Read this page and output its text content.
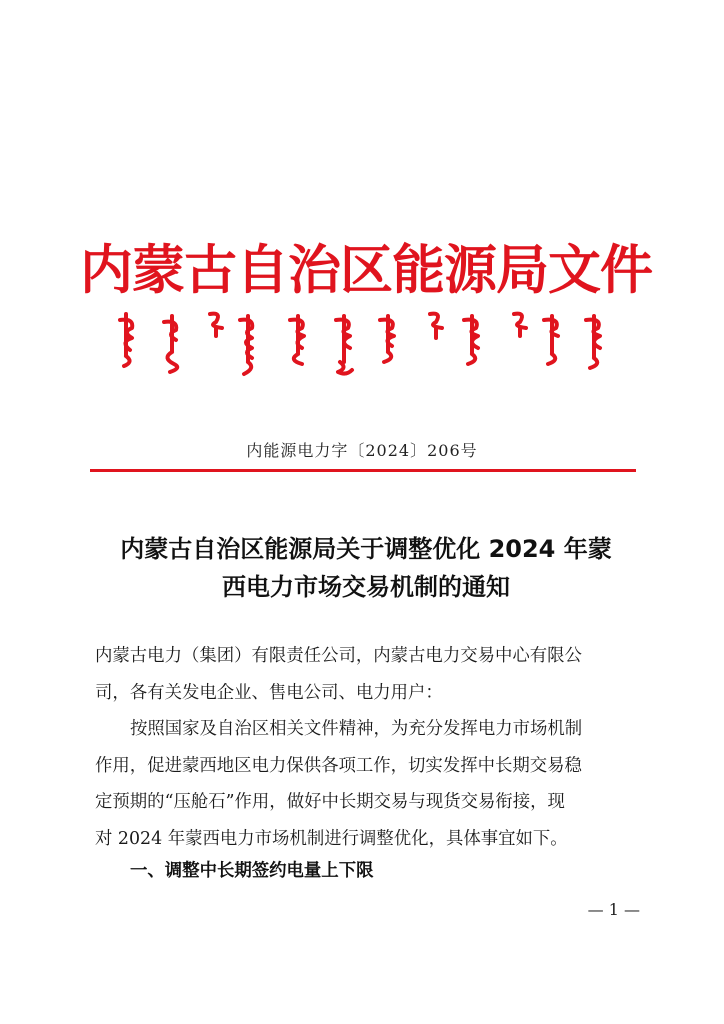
内蒙古自治区能源局文件
内能源电力字〔2024〕206号
内蒙古自治区能源局关于调整优化 2024 年蒙
西电力市场交易机制的通知
内蒙古电力（集团）有限责任公司，内蒙古电力交易中心有限公
司，各有关发电企业、售电公司、电力用户：
按照国家及自治区相关文件精神，为充分发挥电力市场机制
作用，促进蒙西地区电力保供各项工作，切实发挥中长期交易稳
定预期的“压舱石”作用，做好中长期交易与现货交易衔接，现
对 2024 年蒙西电力市场机制进行调整优化，具体事宜如下。
一、调整中长期签约电量上下限
— 1 —
